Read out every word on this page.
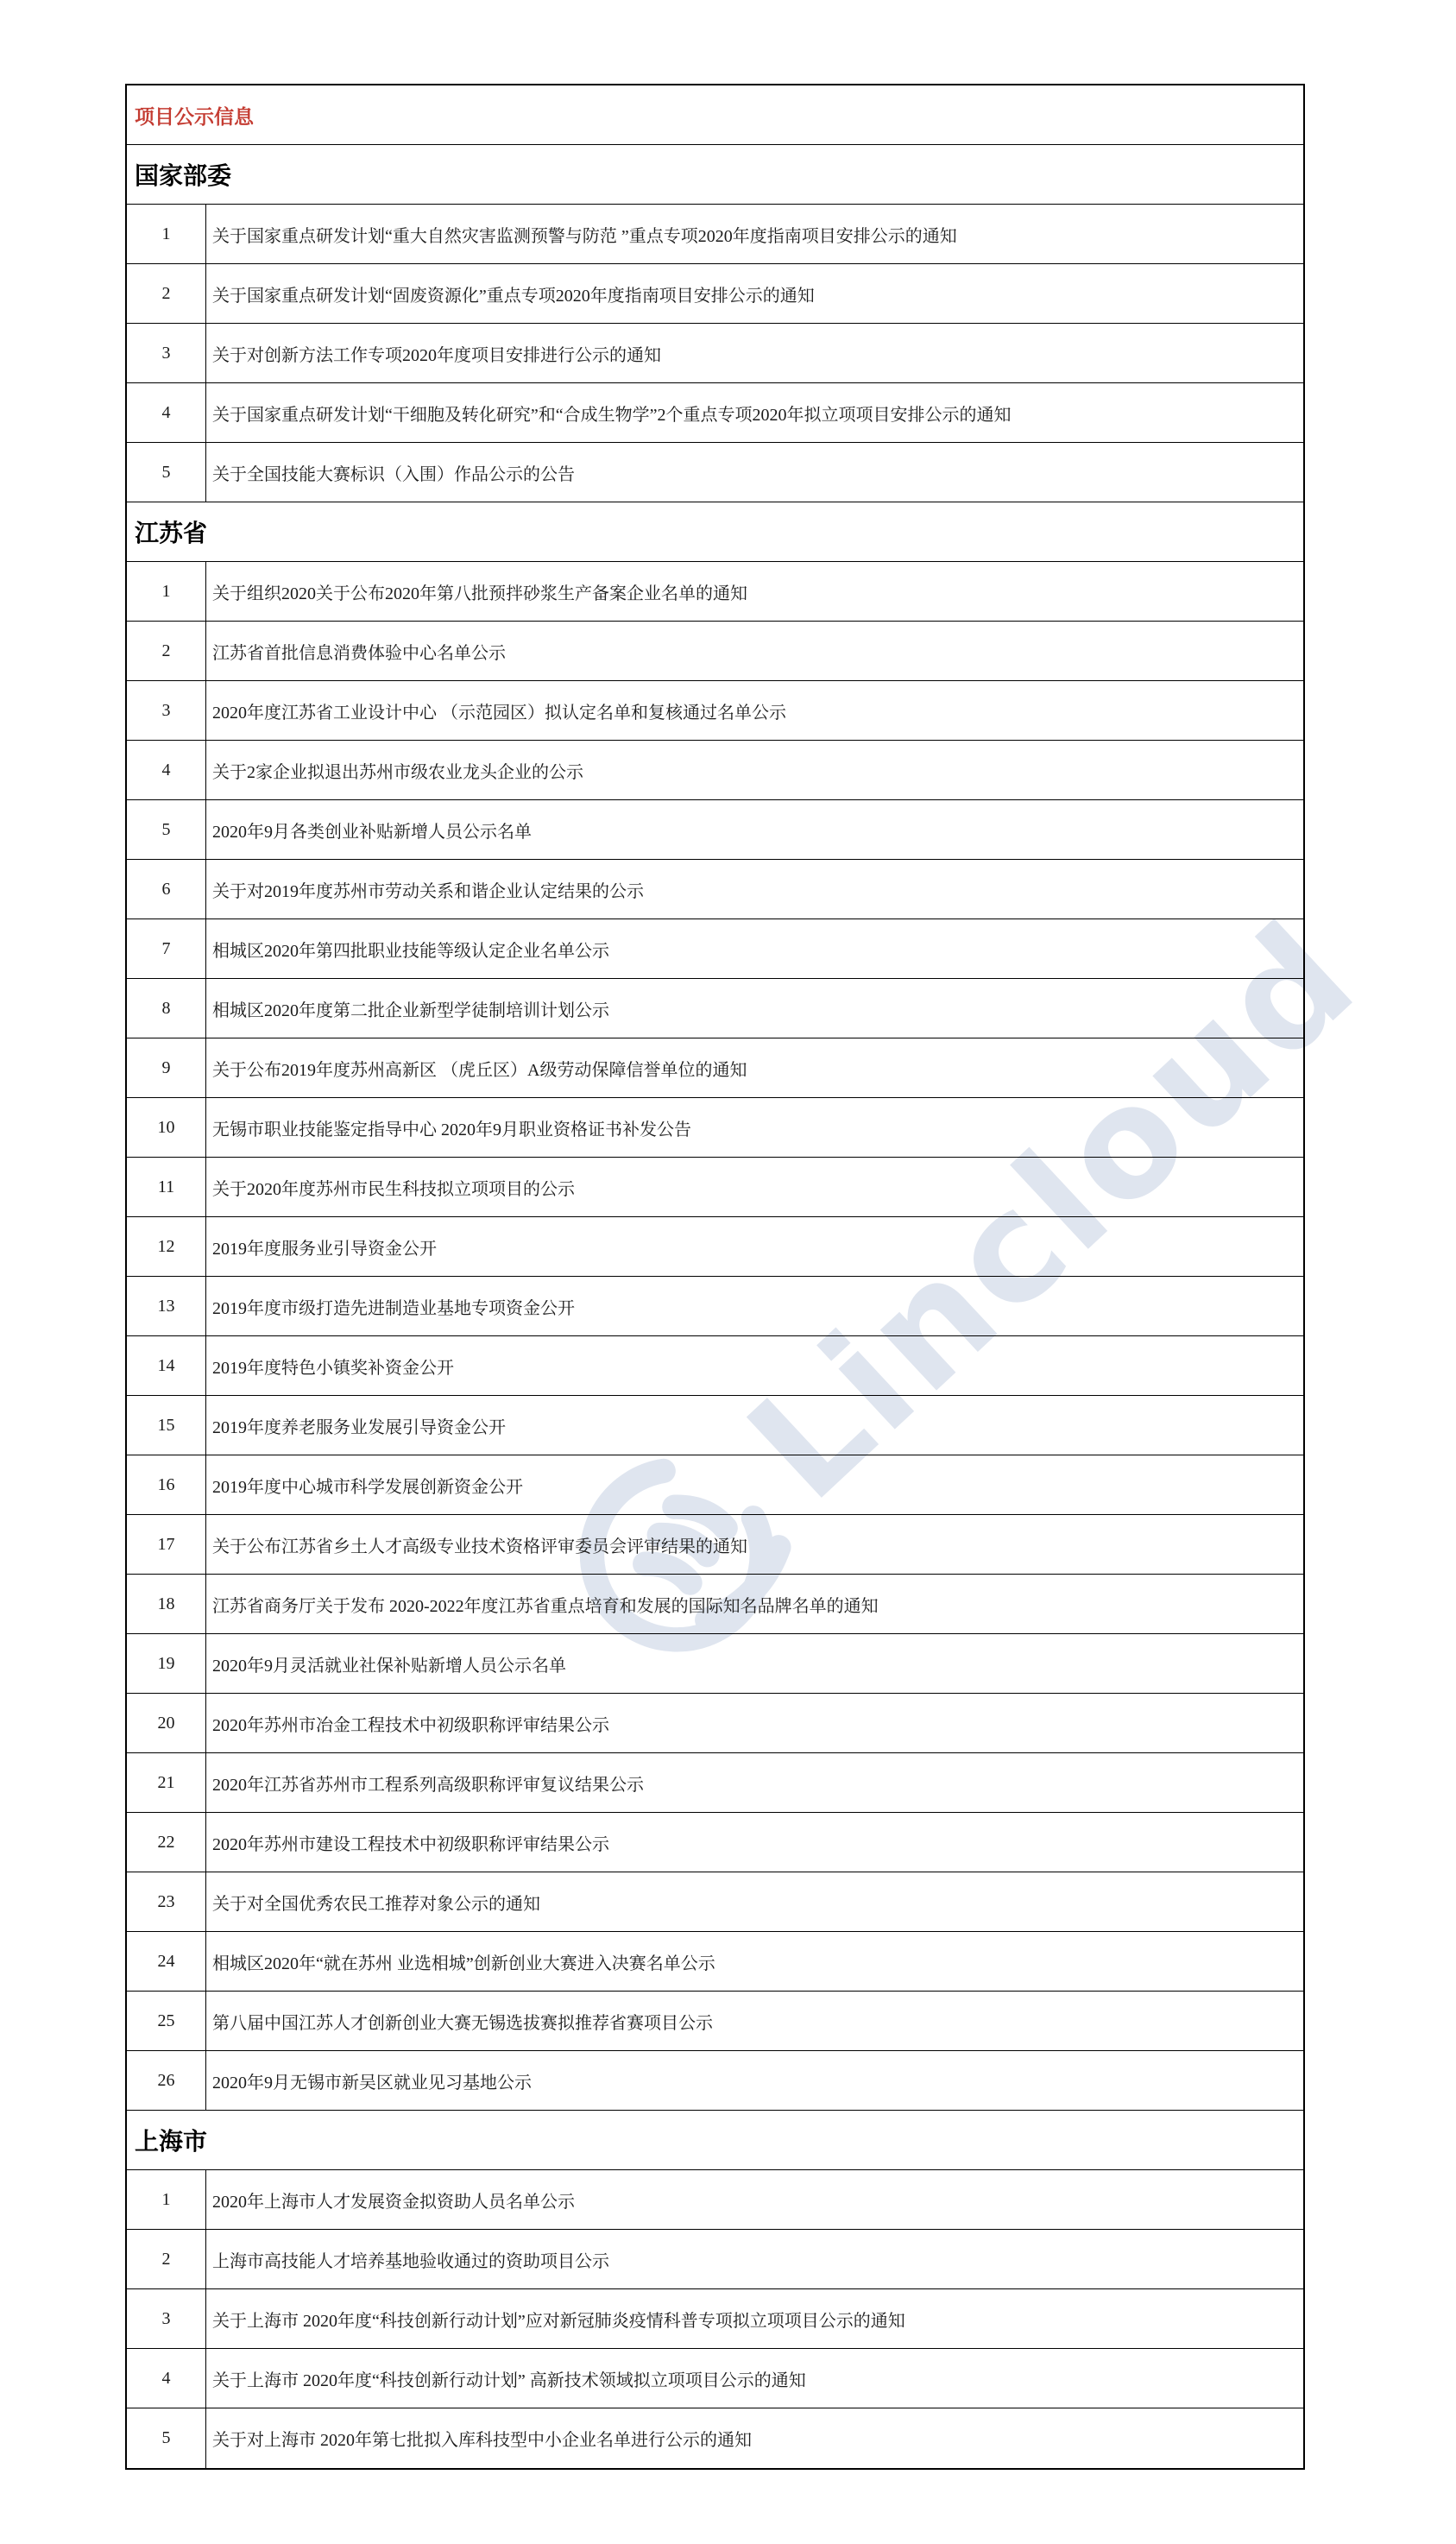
Lincloud
项目公示信息
国家部委
1	关于国家重点研发计划“重大自然灾害监测预警与防范 ”重点专项2020年度指南项目安排公示的通知
2	关于国家重点研发计划“固废资源化”重点专项2020年度指南项目安排公示的通知
3	关于对创新方法工作专项2020年度项目安排进行公示的通知
4	关于国家重点研发计划“干细胞及转化研究”和“合成生物学”2个重点专项2020年拟立项项目安排公示的通知
5	关于全国技能大赛标识（入围）作品公示的公告
江苏省
1	关于组织2020关于公布2020年第八批预拌砂浆生产备案企业名单的通知
2	江苏省首批信息消费体验中心名单公示
3	2020年度江苏省工业设计中心 （示范园区）拟认定名单和复核通过名单公示
4	关于2家企业拟退出苏州市级农业龙头企业的公示
5	2020年9月各类创业补贴新增人员公示名单
6	关于对2019年度苏州市劳动关系和谐企业认定结果的公示
7	相城区2020年第四批职业技能等级认定企业名单公示
8	相城区2020年度第二批企业新型学徒制培训计划公示
9	关于公布2019年度苏州高新区 （虎丘区）A级劳动保障信誉单位的通知
10	无锡市职业技能鉴定指导中心 2020年9月职业资格证书补发公告
11	关于2020年度苏州市民生科技拟立项项目的公示
12	2019年度服务业引导资金公开
13	2019年度市级打造先进制造业基地专项资金公开
14	2019年度特色小镇奖补资金公开
15	2019年度养老服务业发展引导资金公开
16	2019年度中心城市科学发展创新资金公开
17	关于公布江苏省乡土人才高级专业技术资格评审委员会评审结果的通知
18	江苏省商务厅关于发布 2020-2022年度江苏省重点培育和发展的国际知名品牌名单的通知
19	2020年9月灵活就业社保补贴新增人员公示名单
20	2020年苏州市冶金工程技术中初级职称评审结果公示
21	2020年江苏省苏州市工程系列高级职称评审复议结果公示
22	2020年苏州市建设工程技术中初级职称评审结果公示
23	关于对全国优秀农民工推荐对象公示的通知
24	相城区2020年“就在苏州 业选相城”创新创业大赛进入决赛名单公示
25	第八届中国江苏人才创新创业大赛无锡选拔赛拟推荐省赛项目公示
26	2020年9月无锡市新吴区就业见习基地公示
上海市
1	2020年上海市人才发展资金拟资助人员名单公示
2	上海市高技能人才培养基地验收通过的资助项目公示
3	关于上海市 2020年度“科技创新行动计划”应对新冠肺炎疫情科普专项拟立项项目公示的通知
4	关于上海市 2020年度“科技创新行动计划” 高新技术领域拟立项项目公示的通知
5	关于对上海市 2020年第七批拟入库科技型中小企业名单进行公示的通知
